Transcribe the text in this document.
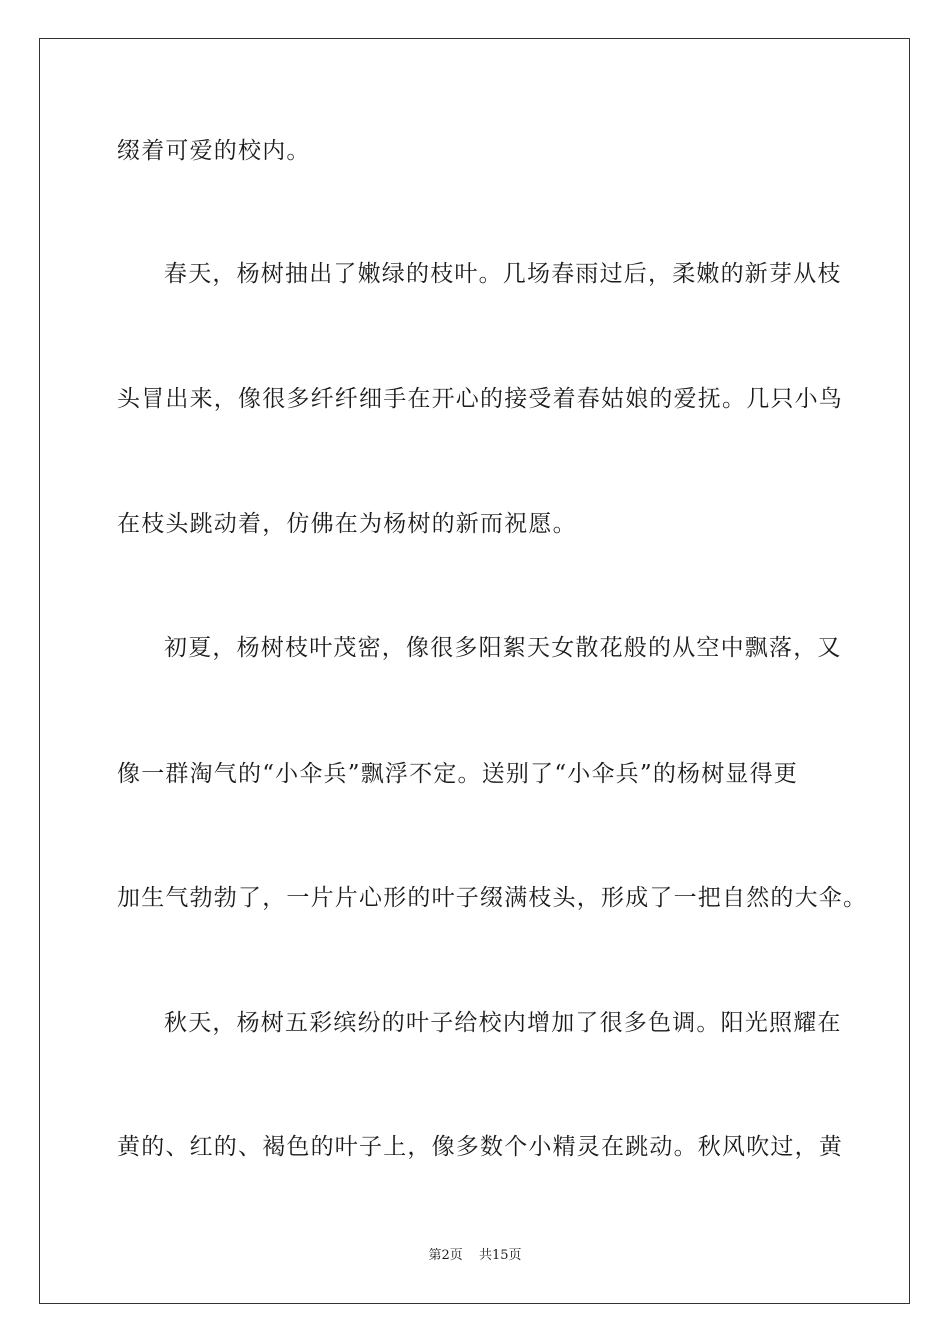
缀着可爱的校内。
春天，杨树抽出了嫩绿的枝叶。几场春雨过后，柔嫩的新芽从枝
头冒出来，像很多纤纤细手在开心的接受着春姑娘的爱抚。几只小鸟
在枝头跳动着，仿佛在为杨树的新而祝愿。
初夏，杨树枝叶茂密，像很多阳絮天女散花般的从空中飘落，又
像一群淘气的“小伞兵”飘浮不定。送别了“小伞兵”的杨树显得更
加生气勃勃了，一片片心形的叶子缀满枝头，形成了一把自然的大伞。
秋天，杨树五彩缤纷的叶子给校内增加了很多色调。阳光照耀在
黄的、红的、褐色的叶子上，像多数个小精灵在跳动。秋风吹过，黄
第2页 共15页
